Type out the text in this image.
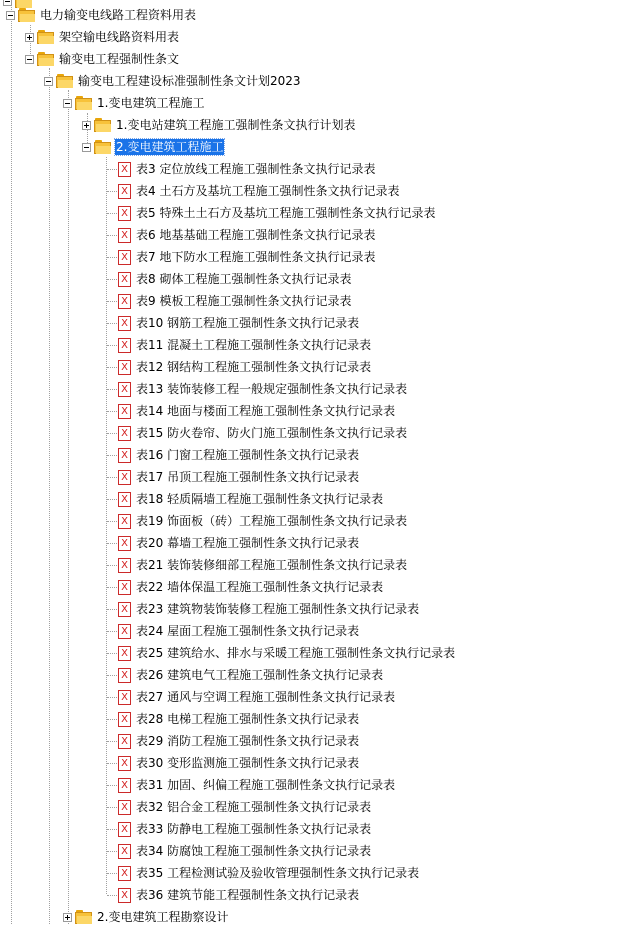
电力输变电线路工程资料用表
架空输电线路资料用表
输变电工程强制性条文
输变电工程建设标准强制性条文计划2023
1.变电建筑工程施工
1.变电站建筑工程施工强制性条文执行计划表
2.变电建筑工程施工
X 表3 定位放线工程施工强制性条文执行记录表
X 表4 土石方及基坑工程施工强制性条文执行记录表
X 表5 特殊土土石方及基坑工程施工强制性条文执行记录表
X 表6 地基基础工程施工强制性条文执行记录表
X 表7 地下防水工程施工强制性条文执行记录表
X 表8 砌体工程施工强制性条文执行记录表
X 表9 模板工程施工强制性条文执行记录表
X 表10 钢筋工程施工强制性条文执行记录表
X 表11 混凝土工程施工强制性条文执行记录表
X 表12 钢结构工程施工强制性条文执行记录表
X 表13 装饰装修工程一般规定强制性条文执行记录表
X 表14 地面与楼面工程施工强制性条文执行记录表
X 表15 防火卷帘、防火门施工强制性条文执行记录表
X 表16 门窗工程施工强制性条文执行记录表
X 表17 吊顶工程施工强制性条文执行记录表
X 表18 轻质隔墙工程施工强制性条文执行记录表
X 表19 饰面板（砖）工程施工强制性条文执行记录表
X 表20 幕墙工程施工强制性条文执行记录表
X 表21 装饰装修细部工程施工强制性条文执行记录表
X 表22 墙体保温工程施工强制性条文执行记录表
X 表23 建筑物装饰装修工程施工强制性条文执行记录表
X 表24 屋面工程施工强制性条文执行记录表
X 表25 建筑给水、排水与采暖工程施工强制性条文执行记录表
X 表26 建筑电气工程施工强制性条文执行记录表
X 表27 通风与空调工程施工强制性条文执行记录表
X 表28 电梯工程施工强制性条文执行记录表
X 表29 消防工程施工强制性条文执行记录表
X 表30 变形监测施工强制性条文执行记录表
X 表31 加固、纠偏工程施工强制性条文执行记录表
X 表32 铝合金工程施工强制性条文执行记录表
X 表33 防静电工程施工强制性条文执行记录表
X 表34 防腐蚀工程施工强制性条文执行记录表
X 表35 工程检测试验及验收管理强制性条文执行记录表
X 表36 建筑节能工程强制性条文执行记录表
2.变电建筑工程勘察设计
